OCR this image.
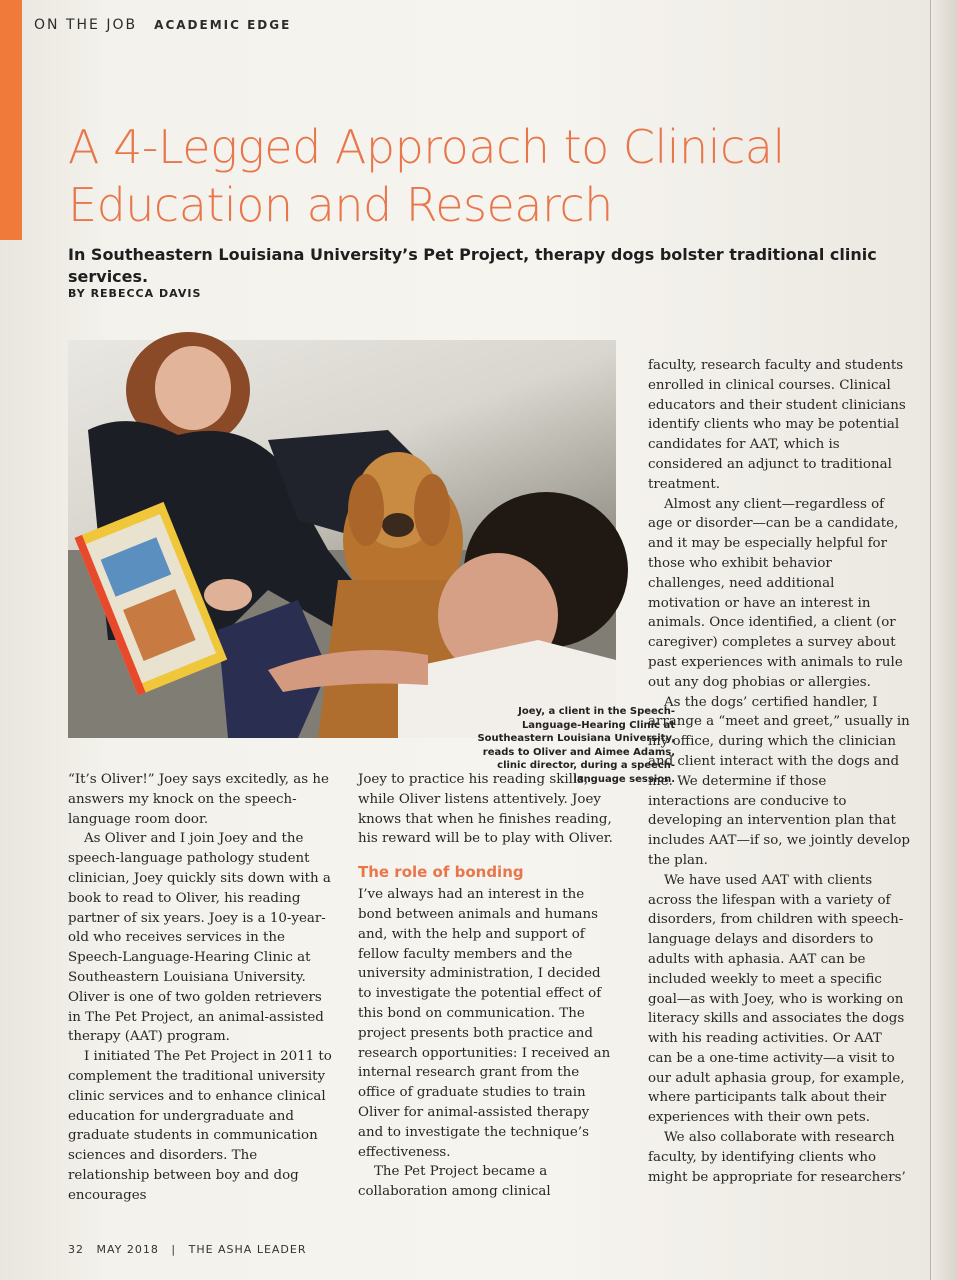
ON THE JOB ACADEMIC EDGE
A 4-Legged Approach to Clinical Education and Research
In Southeastern Louisiana University’s Pet Project, therapy dogs bolster traditional clinic services.
BY REBECCA DAVIS
Joey, a client in the Speech-Language-Hearing Clinic at Southeastern Louisiana University, reads to Oliver and Aimee Adams, clinic director, during a speech-language session.

“It’s Oliver!” Joey says excitedly, as he answers my knock on the speech-language room door.

As Oliver and I join Joey and the speech-language pathology student clinician, Joey quickly sits down with a book to read to Oliver, his reading partner of six years. Joey is a 10-year-old who receives services in the Speech-Language-Hearing Clinic at Southeastern Louisiana University. Oliver is one of two golden retrievers in The Pet Project, an animal-assisted therapy (AAT) program.

I initiated The Pet Project in 2011 to complement the traditional university clinic services and to enhance clinical education for undergraduate and graduate students in communication sciences and disorders. The relationship between boy and dog encourages

Joey to practice his reading skills, while Oliver listens attentively. Joey knows that when he finishes reading, his reward will be to play with Oliver.

The role of bonding

I’ve always had an interest in the bond between animals and humans and, with the help and support of fellow faculty members and the university administration, I decided to investigate the potential effect of this bond on communication. The project presents both practice and research opportunities: I received an internal research grant from the office of graduate studies to train Oliver for animal-assisted therapy and to investigate the technique’s effectiveness.

The Pet Project became a collaboration among clinical

faculty, research faculty and students enrolled in clinical courses. Clinical educators and their student clinicians identify clients who may be potential candidates for AAT, which is considered an adjunct to traditional treatment.

Almost any client—regardless of age or disorder—can be a candidate, and it may be especially helpful for those who exhibit behavior challenges, need additional motivation or have an interest in animals. Once identified, a client (or caregiver) completes a survey about past experiences with animals to rule out any dog phobias or allergies.

As the dogs’ certified handler, I arrange a “meet and greet,” usually in my office, during which the clinician and client interact with the dogs and me. We determine if those interactions are conducive to developing an intervention plan that includes AAT—if so, we jointly develop the plan.

We have used AAT with clients across the lifespan with a variety of disorders, from children with speech-language delays and disorders to adults with aphasia. AAT can be included weekly to meet a specific goal—as with Joey, who is working on literacy skills and associates the dogs with his reading activities. Or AAT can be a one-time activity—a visit to our adult aphasia group, for example, where participants talk about their experiences with their own pets.

We also collaborate with research faculty, by identifying clients who might be appropriate for researchers’

32 MAY 2018 | THE ASHA LEADER
